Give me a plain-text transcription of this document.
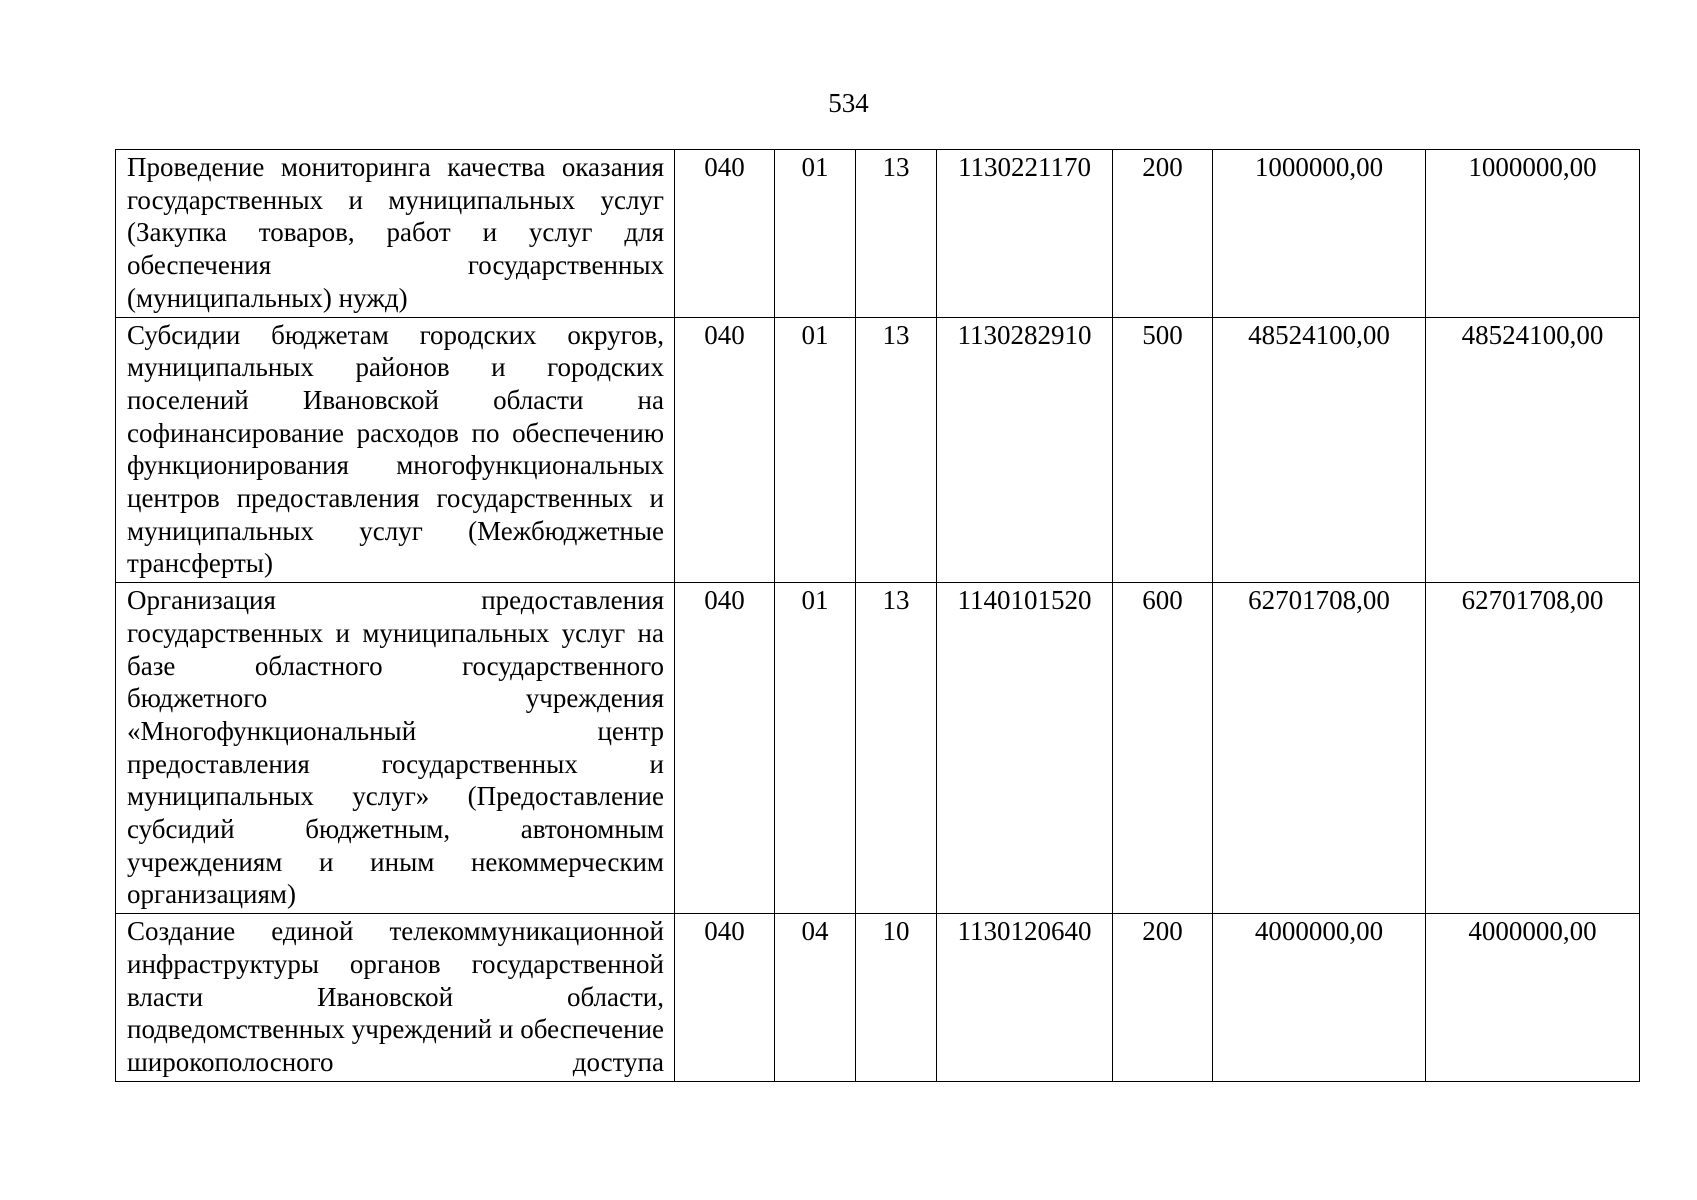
534
Проведение мониторинга качества оказания государственных и муниципальных услуг (Закупка товаров, работ и услуг для обеспечения государственных (муниципальных) нужд)	040	01	13	1130221170	200	1000000,00	1000000,00
Субсидии бюджетам городских округов, муниципальных районов и городских поселений Ивановской области на софинансирование расходов по обеспечению функционирования многофункциональных центров предоставления государственных и муниципальных услуг (Межбюджетные трансферты)	040	01	13	1130282910	500	48524100,00	48524100,00
Организация предоставления государственных и муниципальных услуг на базе областного государственного бюджетного учреждения «Многофункциональный центр предоставления государственных и муниципальных услуг» (Предоставление субсидий бюджетным, автономным учреждениям и иным некоммерческим организациям)	040	01	13	1140101520	600	62701708,00	62701708,00
Создание единой телекоммуникационной инфраструктуры органов государственной власти Ивановской области, подведомственных учреждений и обеспечение широкополосного доступа	040	04	10	1130120640	200	4000000,00	4000000,00
